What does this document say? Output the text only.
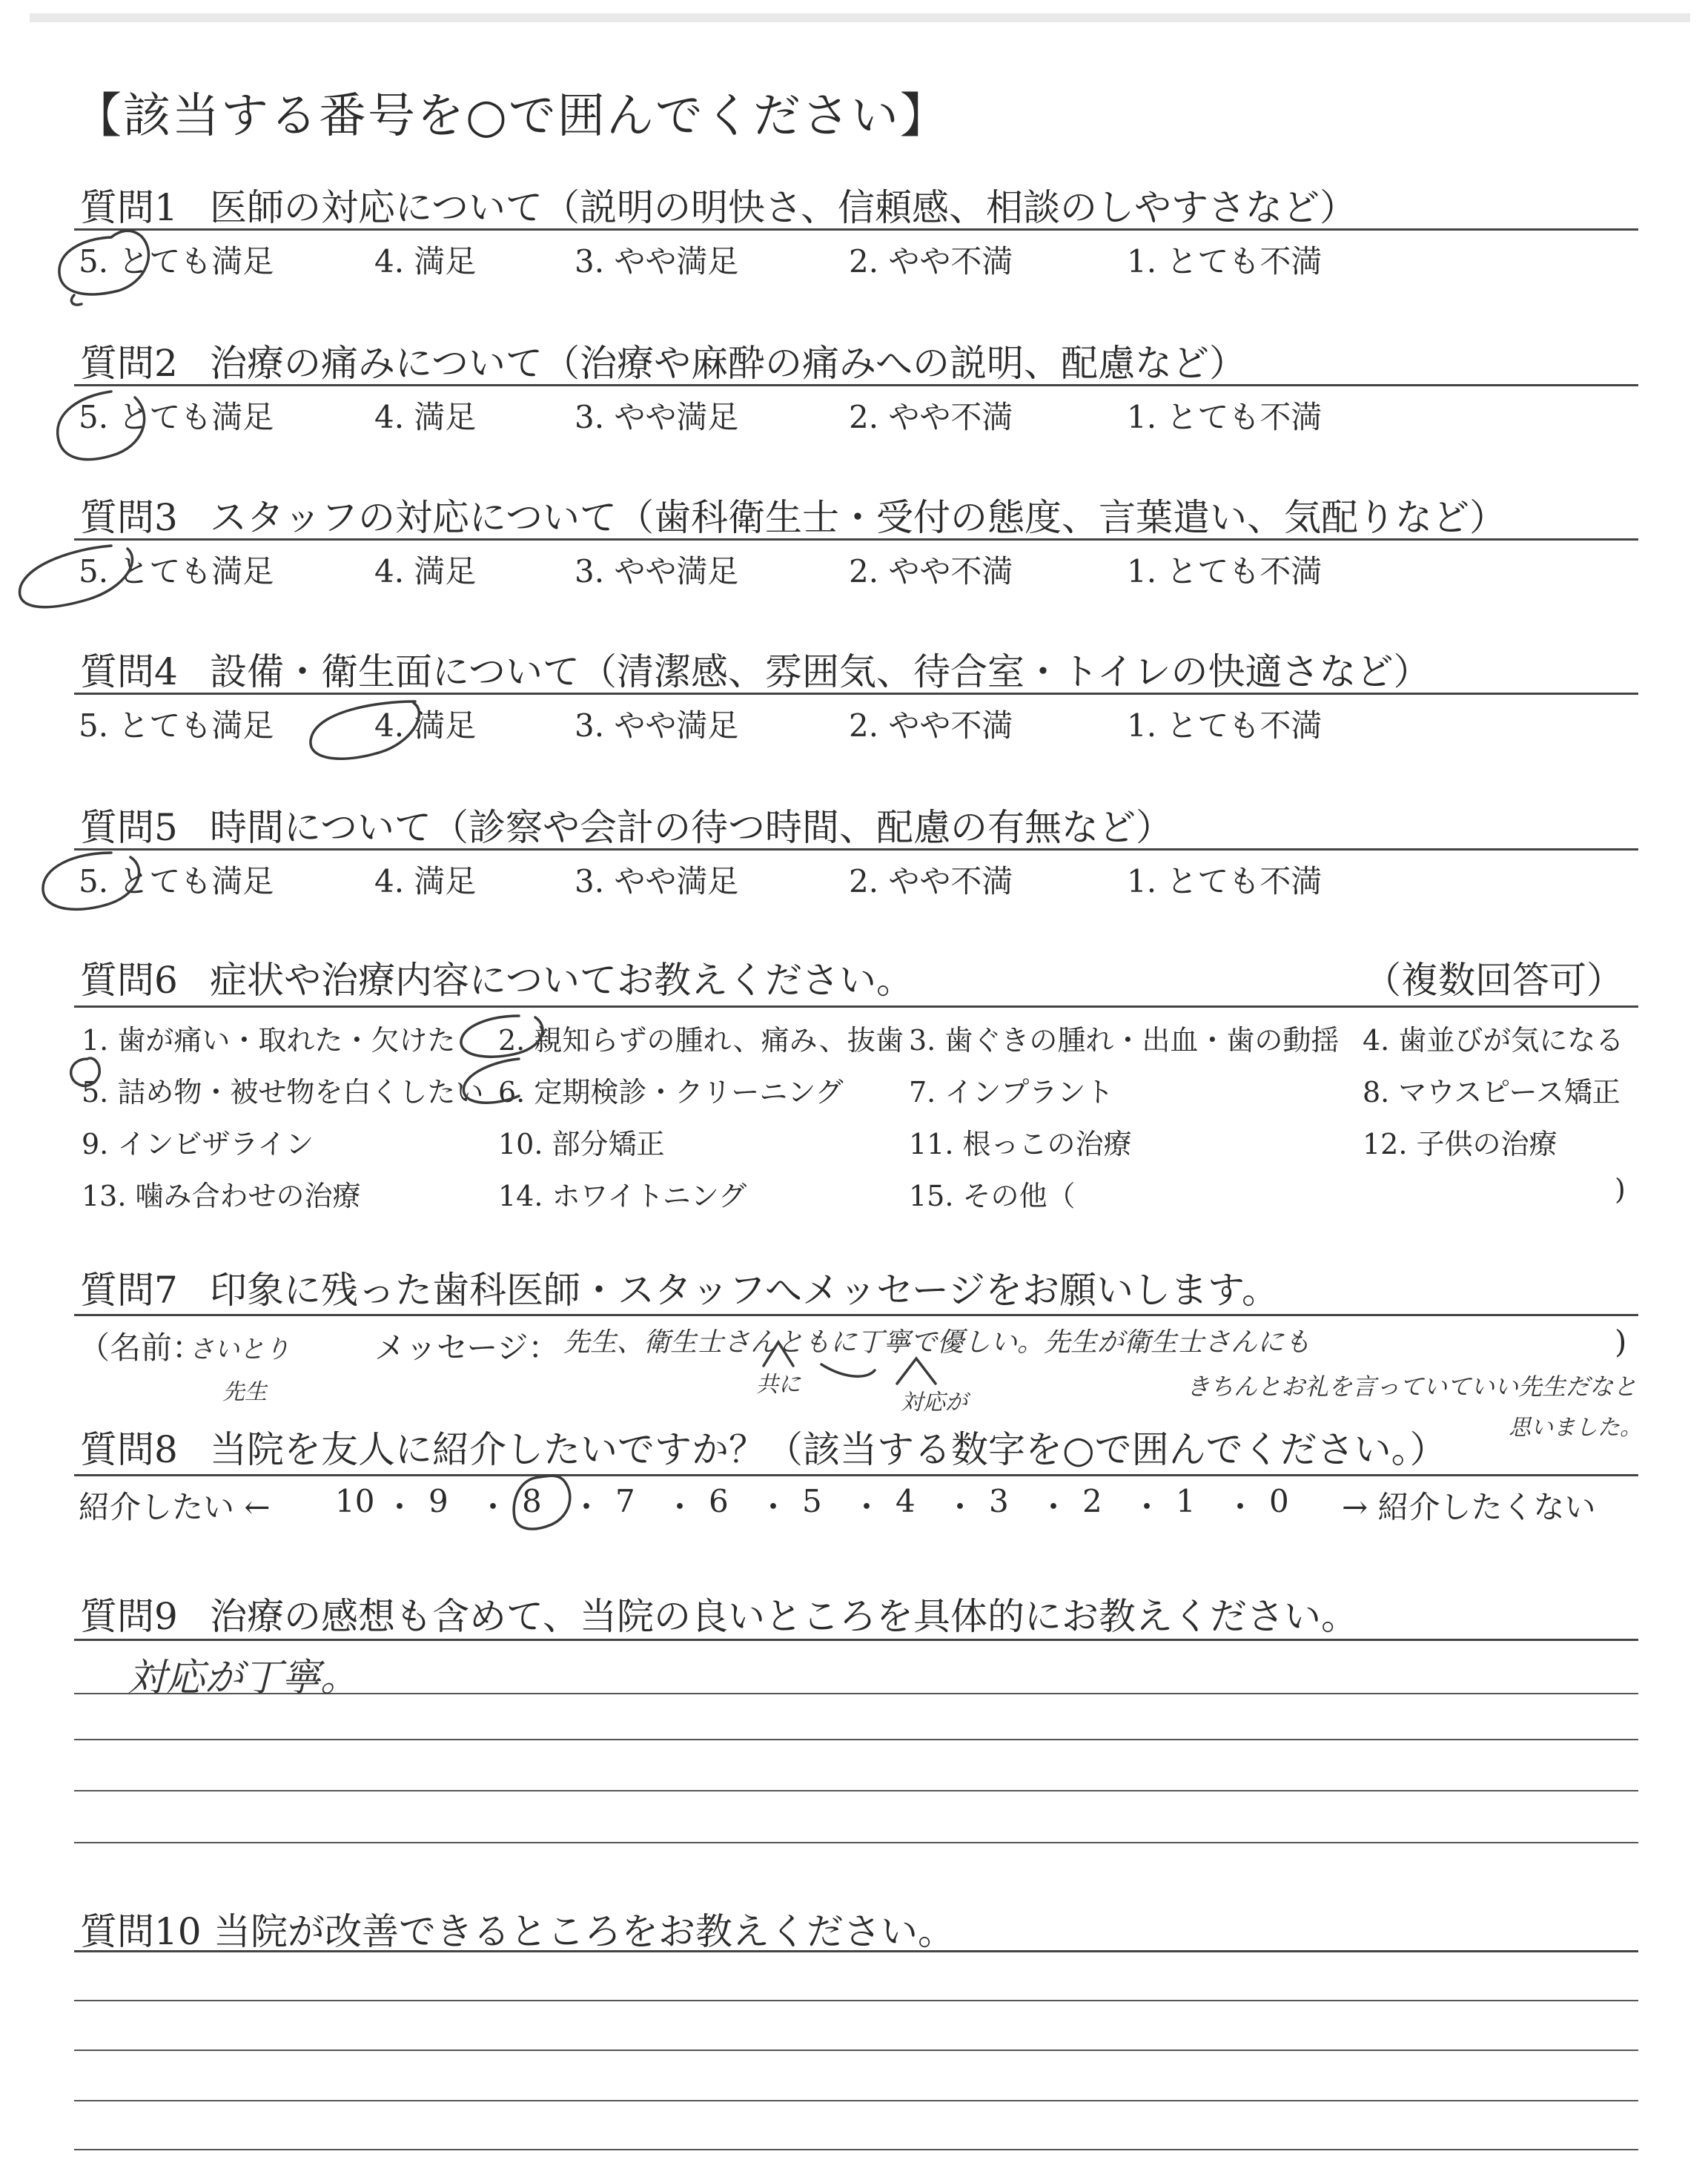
【該当する番号を○で囲んでください】
質問1 医師の対応について（説明の明快さ、信頼感、相談のしやすさなど）
5. とても満足	4. 満足	3. やや満足	2. やや不満	1. とても不満
質問2 治療の痛みについて（治療や麻酔の痛みへの説明、配慮など）
5. とても満足	4. 満足	3. やや満足	2. やや不満	1. とても不満
質問3 スタッフの対応について（歯科衛生士・受付の態度、言葉遣い、気配りなど）
5. とても満足	4. 満足	3. やや満足	2. やや不満	1. とても不満
質問4 設備・衛生面について（清潔感、雰囲気、待合室・トイレの快適さなど）
5. とても満足	4. 満足	3. やや満足	2. やや不満	1. とても不満
質問5 時間について（診察や会計の待つ時間、配慮の有無など）
5. とても満足	4. 満足	3. やや満足	2. やや不満	1. とても不満
質問6 症状や治療内容についてお教えください。	（複数回答可）
1. 歯が痛い・取れた・欠けた 2. 親知らずの腫れ、痛み、抜歯 3. 歯ぐきの腫れ・出血・歯の動揺 4. 歯並びが気になる
5. 詰め物・被せ物を白くしたい 6. 定期検診・クリーニング 7. インプラント	8. マウスピース矯正
9. インビザライン	10. 部分矯正	11. 根っこの治療	12. 子供の治療
13. 噛み合わせの治療	14. ホワイトニング	15. その他（	)
質問7 印象に残った歯科医師・スタッフへメッセージをお願いします。
（名前：	メッセージ：	)
さいとり
先生
先生、衛生士さんともに丁寧で優しい。先生が衛生士さんにも
共に
対応が
きちんとお礼を言っていていい先生だなと
思いました。
質問8 当院を友人に紹介したいですか？（該当する数字を○で囲んでください。）
紹介したい ←	→ 紹介したくない
10 ・ 9 ・ 8 ・ 7 ・ 6 ・ 5 ・ 4 ・ 3 ・ 2 ・ 1 ・ 0
質問9 治療の感想も含めて、当院の良いところを具体的にお教えください。
対応が丁寧。
質問10 当院が改善できるところをお教えください。
